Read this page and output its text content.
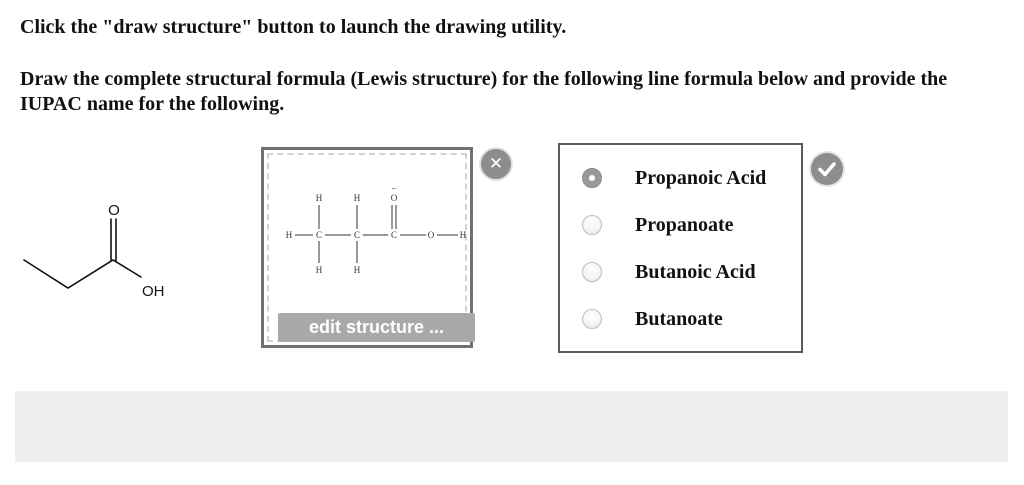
Click the "draw structure" button to launch the drawing utility.

Draw the complete structural formula (Lewis structure) for the following line formula below and provide the IUPAC name for the following.

O
OH
H	H	O
..
H	C	C	C	O	H
H	H
edit structure ...
✕
Propanoic Acid
Propanoate
Butanoic Acid
Butanoate
